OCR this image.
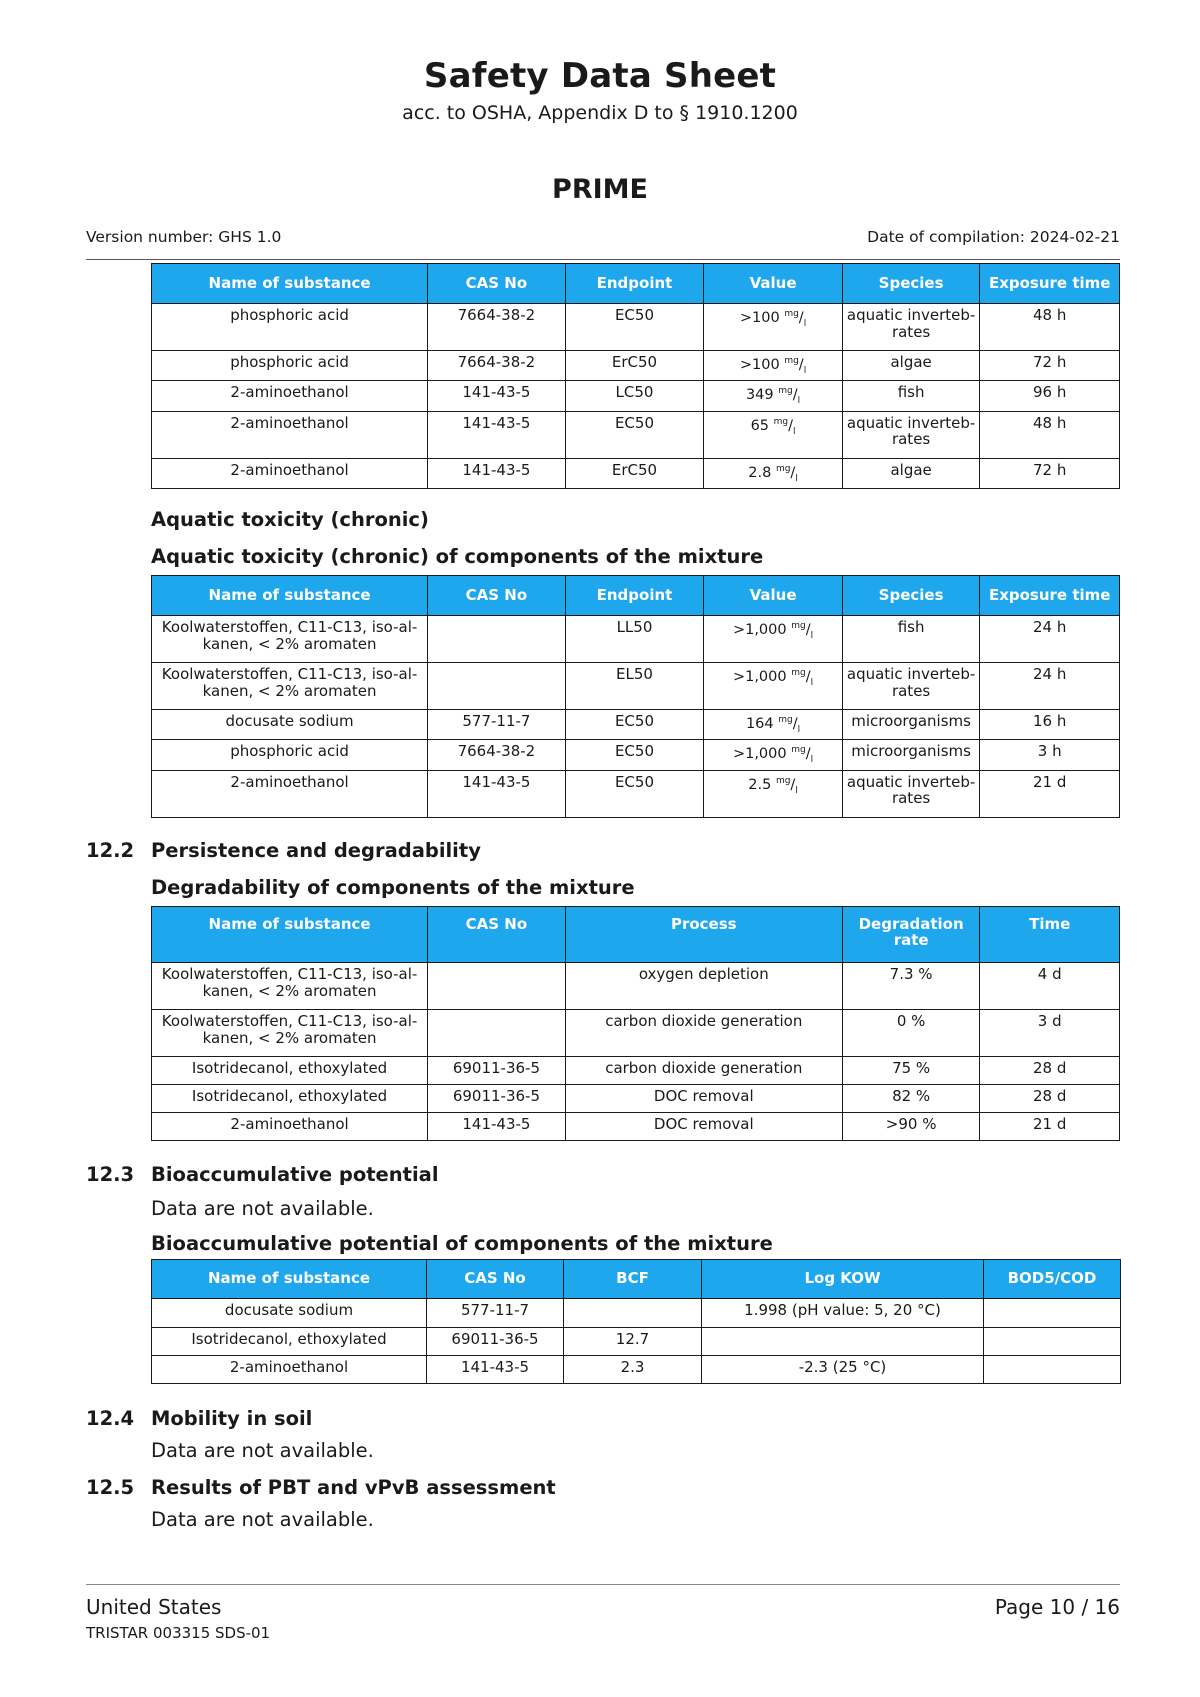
Safety Data Sheet
acc. to OSHA, Appendix D to § 1910.1200
PRIME
Version number: GHS 1.0	Date of compilation: 2024-02-21
Name of substance	CAS No	Endpoint	Value	Species	Exposure time
phosphoric acid	7664-38-2	EC50	>100 $^{mg}/_l$	aquatic inverteb-
rates	48 h
phosphoric acid	7664-38-2	ErC50	>100 $^{mg}/_l$	algae	72 h
2-aminoethanol	141-43-5	LC50	349 $^{mg}/_l$	fish	96 h
2-aminoethanol	141-43-5	EC50	65 $^{mg}/_l$	aquatic inverteb-
rates	48 h
2-aminoethanol	141-43-5	ErC50	2.8 $^{mg}/_l$	algae	72 h
Aquatic toxicity (chronic)
Aquatic toxicity (chronic) of components of the mixture
Name of substance	CAS No	Endpoint	Value	Species	Exposure time
Koolwaterstoffen, C11-C13, iso-al-
kanen, < 2% aromaten		LL50	>1,000 $^{mg}/_l$	fish	24 h
Koolwaterstoffen, C11-C13, iso-al-
kanen, < 2% aromaten		EL50	>1,000 $^{mg}/_l$	aquatic inverteb-
rates	24 h
docusate sodium	577-11-7	EC50	164 $^{mg}/_l$	microorganisms	16 h
phosphoric acid	7664-38-2	EC50	>1,000 $^{mg}/_l$	microorganisms	3 h
2-aminoethanol	141-43-5	EC50	2.5 $^{mg}/_l$	aquatic inverteb-
rates	21 d
12.2 Persistence and degradability
Degradability of components of the mixture
Name of substance	CAS No	Process	Degradation
rate	Time
Koolwaterstoffen, C11-C13, iso-al-
kanen, < 2% aromaten		oxygen depletion	7.3 %	4 d
Koolwaterstoffen, C11-C13, iso-al-
kanen, < 2% aromaten		carbon dioxide generation	0 %	3 d
Isotridecanol, ethoxylated	69011-36-5	carbon dioxide generation	75 %	28 d
Isotridecanol, ethoxylated	69011-36-5	DOC removal	82 %	28 d
2-aminoethanol	141-43-5	DOC removal	>90 %	21 d
12.3 Bioaccumulative potential
Data are not available.
Bioaccumulative potential of components of the mixture
Name of substance	CAS No	BCF	Log KOW	BOD5/COD
docusate sodium	577-11-7		1.998 (pH value: 5, 20 °C)	
Isotridecanol, ethoxylated	69011-36-5	12.7		
2-aminoethanol	141-43-5	2.3	-2.3 (25 °C)	
12.4 Mobility in soil
Data are not available.
12.5 Results of PBT and vPvB assessment
Data are not available.
United States	Page 10 / 16
TRISTAR 003315 SDS-01
